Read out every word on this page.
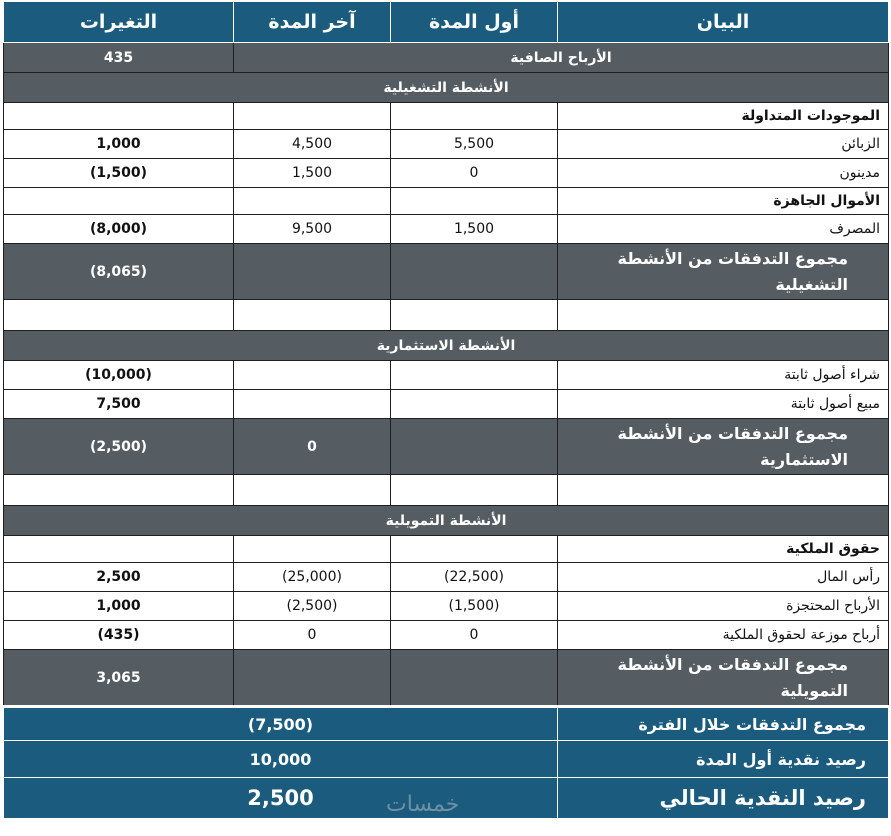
البيان	أول المدة	آخر المدة	التغيرات
الأرباح الصافية			435
الأنشطة التشغيلية			
الموجودات المتداولة			
الزبائن	5,500	4,500	1,000
مدينون	0	1,500	(1,500)
الأموال الجاهزة			
المصرف	1,500	9,500	(8,000)
مجموع التدفقات من الأنشطة التشغيلية			(8,065)

الأنشطة الاستثمارية			
شراء أصول ثابتة			(10,000)
مبيع أصول ثابتة			7,500
مجموع التدفقات من الأنشطة الاستثمارية		0	(2,500)

الأنشطة التمويلية			
حقوق الملكية			
رأس المال	(22,500)	(25,000)	2,500
الأرباح المحتجزة	(1,500)	(2,500)	1,000
أرباح موزعة لحقوق الملكية	0	0	(435)
مجموع التدفقات من الأنشطة التمويلية			3,065
مجموع التدفقات خلال الفترة	(7,500)		
رصيد نقدية أول المدة	10,000		
رصيد النقدية الحالي	2,500			خمسات
